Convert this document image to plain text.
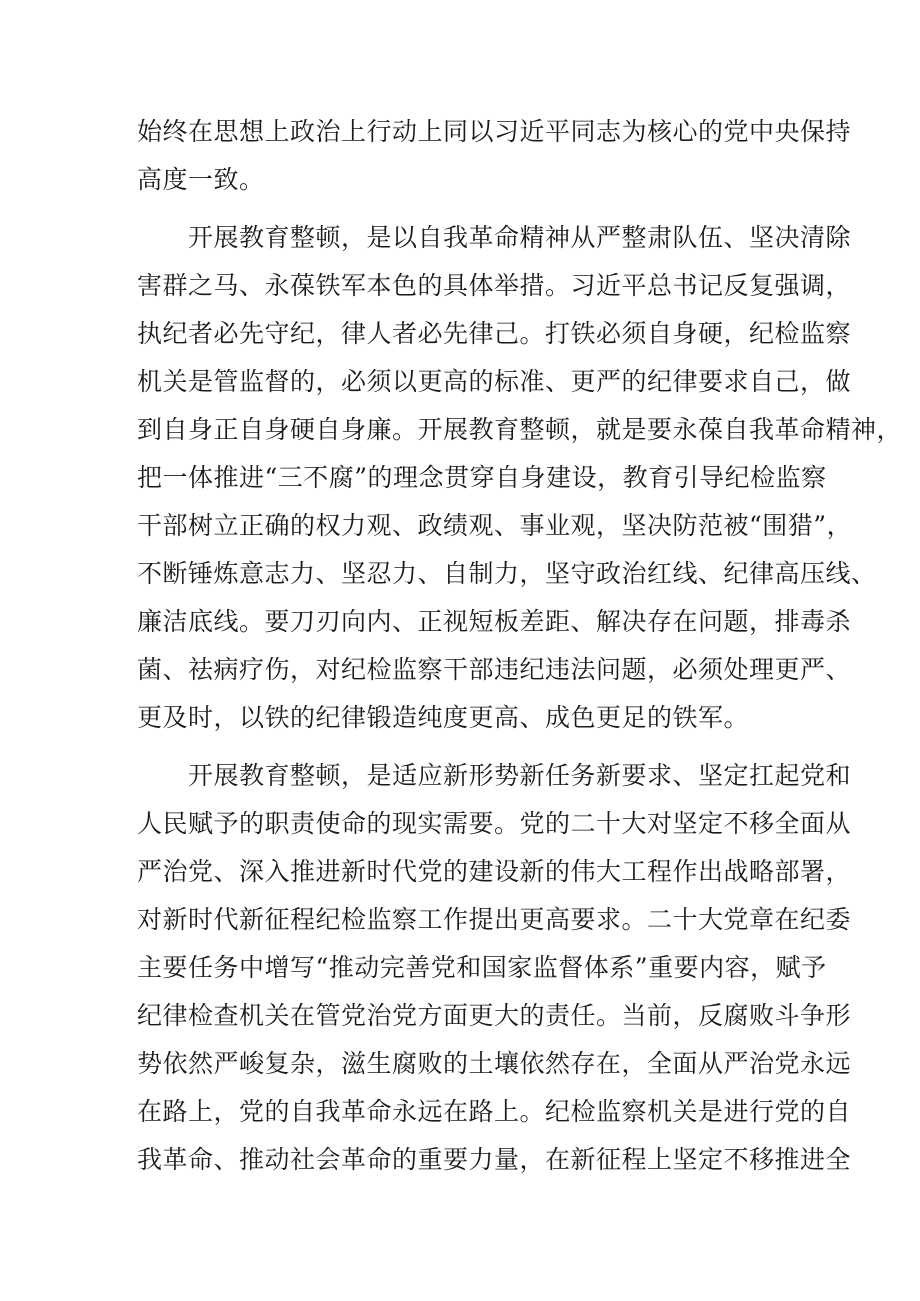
始终在思想上政治上行动上同以习近平同志为核心的党中央保持
高度一致。
　　开展教育整顿，是以自我革命精神从严整肃队伍、坚决清除
害群之马、永葆铁军本色的具体举措。习近平总书记反复强调，
执纪者必先守纪，律人者必先律己。打铁必须自身硬，纪检监察
机关是管监督的，必须以更高的标准、更严的纪律要求自己，做
到自身正自身硬自身廉。开展教育整顿，就是要永葆自我革命精神，
把一体推进“三不腐”的理念贯穿自身建设，教育引导纪检监察
干部树立正确的权力观、政绩观、事业观，坚决防范被“围猎”，
不断锤炼意志力、坚忍力、自制力，坚守政治红线、纪律高压线、
廉洁底线。要刀刃向内、正视短板差距、解决存在问题，排毒杀
菌、祛病疗伤，对纪检监察干部违纪违法问题，必须处理更严、
更及时，以铁的纪律锻造纯度更高、成色更足的铁军。
　　开展教育整顿，是适应新形势新任务新要求、坚定扛起党和
人民赋予的职责使命的现实需要。党的二十大对坚定不移全面从
严治党、深入推进新时代党的建设新的伟大工程作出战略部署，
对新时代新征程纪检监察工作提出更高要求。二十大党章在纪委
主要任务中增写“推动完善党和国家监督体系”重要内容，赋予
纪律检查机关在管党治党方面更大的责任。当前，反腐败斗争形
势依然严峻复杂，滋生腐败的土壤依然存在，全面从严治党永远
在路上，党的自我革命永远在路上。纪检监察机关是进行党的自
我革命、推动社会革命的重要力量，在新征程上坚定不移推进全
